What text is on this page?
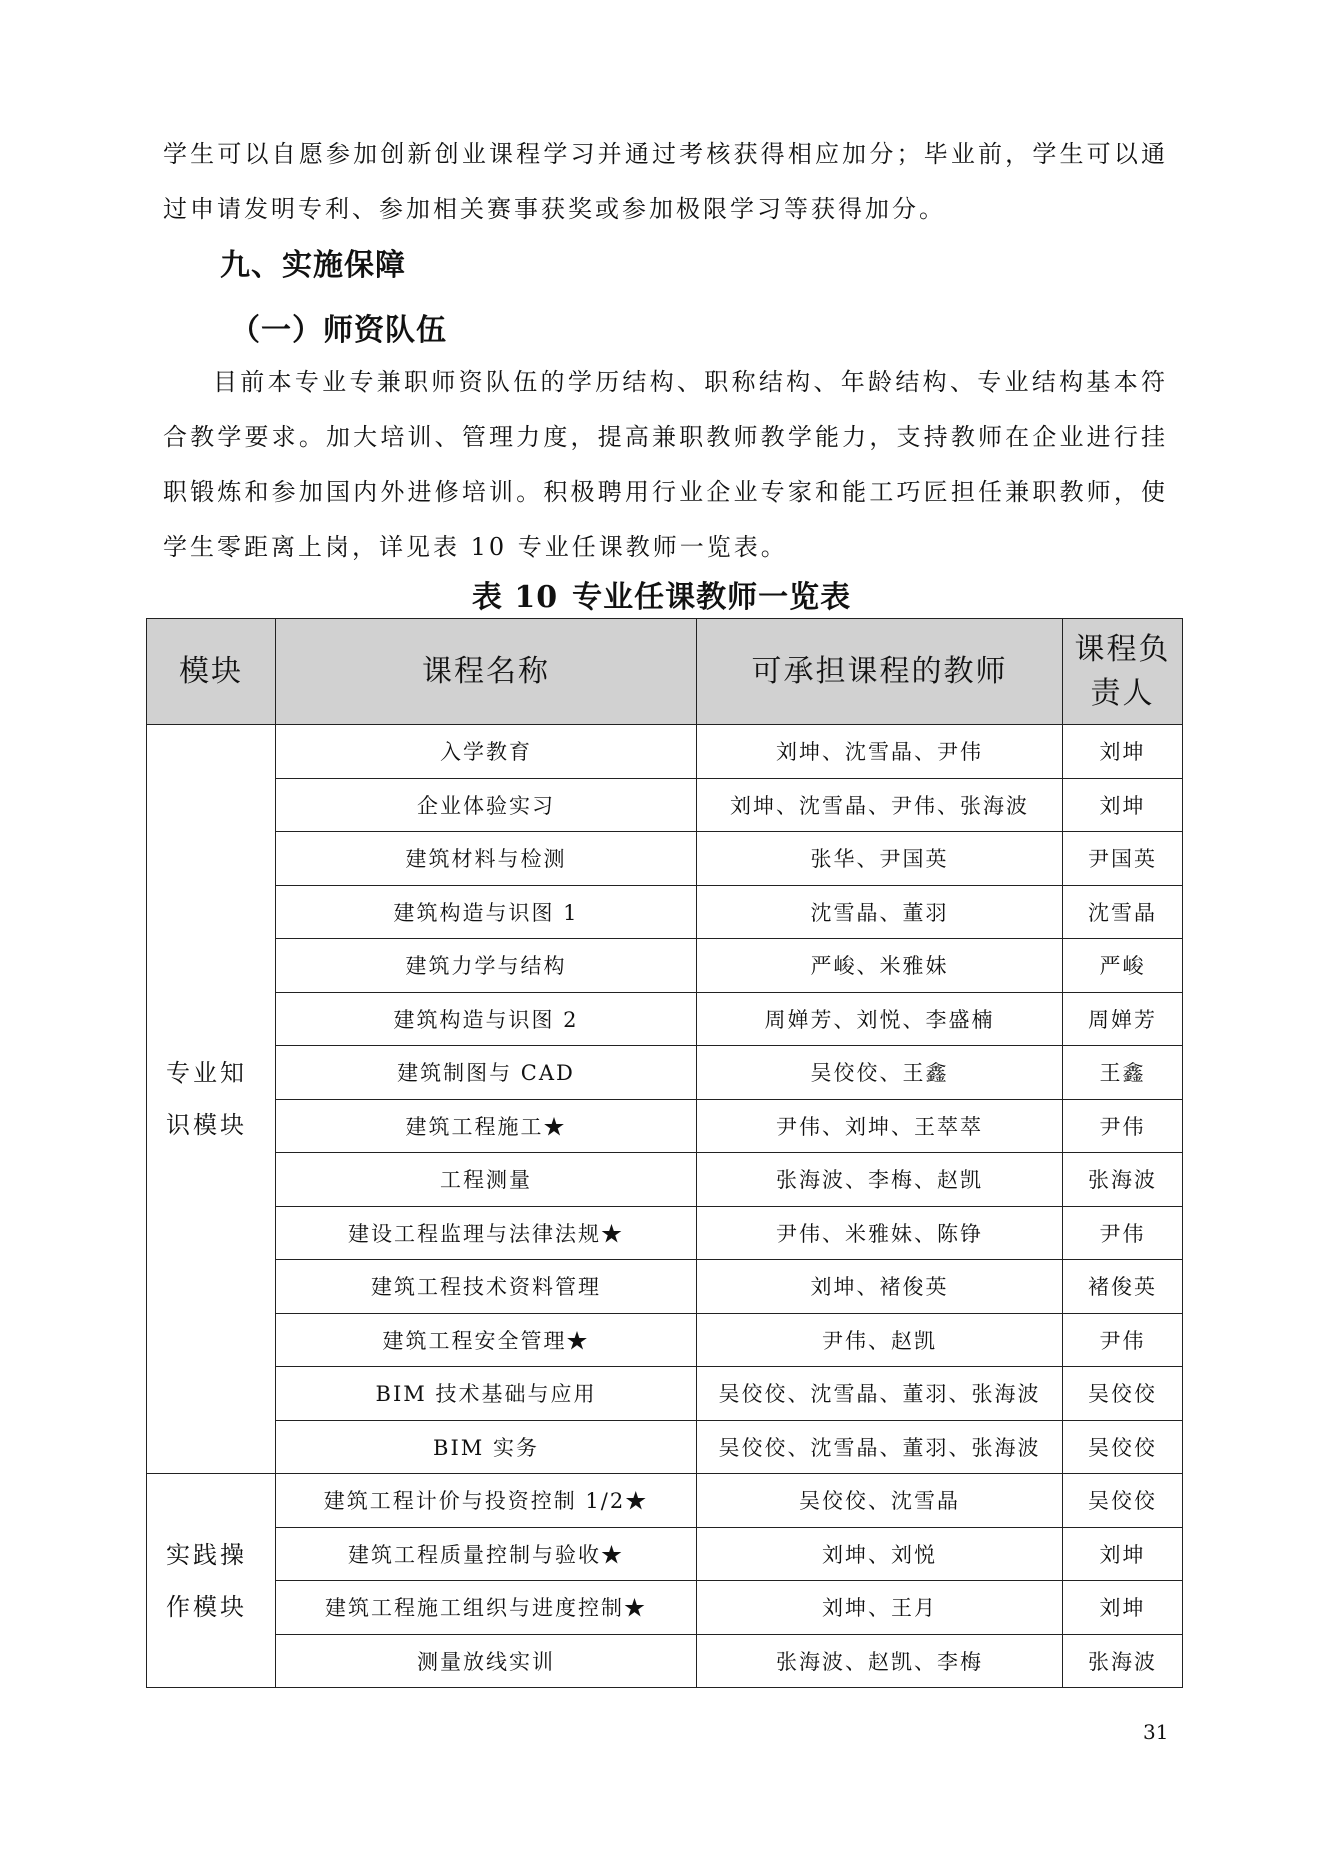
学生可以自愿参加创新创业课程学习并通过考核获得相应加分；毕业前，学生可以通过申请发明专利、参加相关赛事获奖或参加极限学习等获得加分。

九、实施保障
（一）师资队伍

目前本专业专兼职师资队伍的学历结构、职称结构、年龄结构、专业结构基本符合教学要求。加大培训、管理力度，提高兼职教师教学能力，支持教师在企业进行挂职锻炼和参加国内外进修培训。积极聘用行业企业专家和能工巧匠担任兼职教师，使学生零距离上岗，详见表 10 专业任课教师一览表。

表 10 专业任课教师一览表
模块	课程名称	可承担课程的教师	课程负责人
专业知识模块	入学教育	刘坤、沈雪晶、尹伟	刘坤
	企业体验实习	刘坤、沈雪晶、尹伟、张海波	刘坤
	建筑材料与检测	张华、尹国英	尹国英
	建筑构造与识图 1	沈雪晶、董羽	沈雪晶
	建筑力学与结构	严峻、米雅妹	严峻
	建筑构造与识图 2	周婵芳、刘悦、李盛楠	周婵芳
	建筑制图与 CAD	吴佼佼、王鑫	王鑫
	建筑工程施工★	尹伟、刘坤、王萃萃	尹伟
	工程测量	张海波、李梅、赵凯	张海波
	建设工程监理与法律法规★	尹伟、米雅妹、陈铮	尹伟
	建筑工程技术资料管理	刘坤、褚俊英	褚俊英
	建筑工程安全管理★	尹伟、赵凯	尹伟
	BIM 技术基础与应用	吴佼佼、沈雪晶、董羽、张海波	吴佼佼
	BIM 实务	吴佼佼、沈雪晶、董羽、张海波	吴佼佼
实践操作模块	建筑工程计价与投资控制 1/2★	吴佼佼、沈雪晶	吴佼佼
	建筑工程质量控制与验收★	刘坤、刘悦	刘坤
	建筑工程施工组织与进度控制★	刘坤、王月	刘坤
	测量放线实训	张海波、赵凯、李梅	张海波
31
